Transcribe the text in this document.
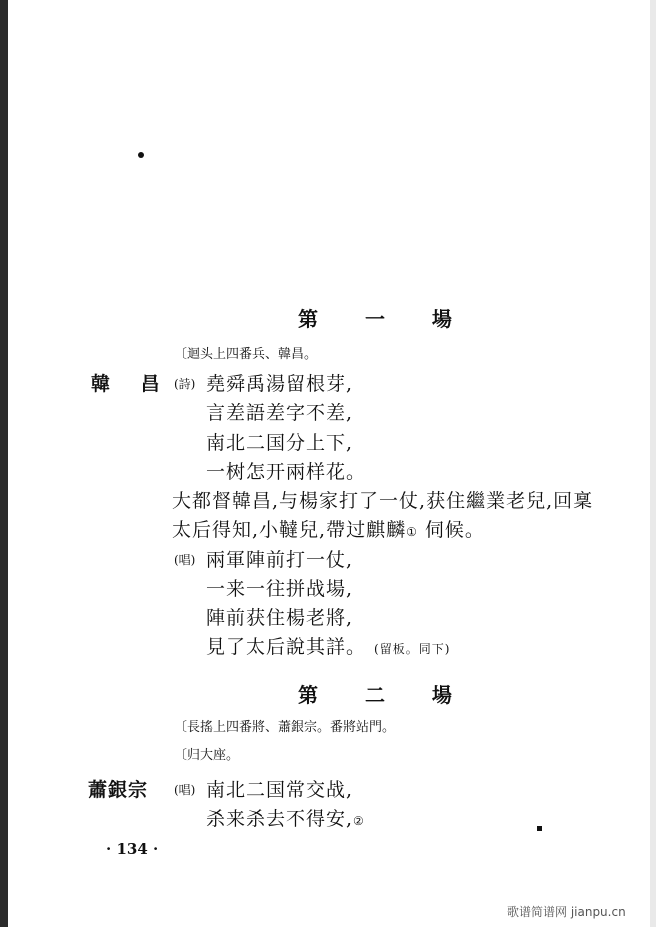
第 一 場
〔迴头上四番兵、韓昌。
韓 昌 (詩) 堯舜禹湯留根芽,
言差語差字不差,
南北二国分上下,
一树怎开兩样花。
大都督韓昌,与楊家打了一仗,获住繼業老兒,回稟
太后得知,小韃兒,帶过麒麟① 伺候。
(唱) 兩軍陣前打一仗,
一来一往拼战場,
陣前获住楊老將,
見了太后說其詳。 (留板。同下)
第 二 場
〔長搖上四番將、蕭銀宗。番將站門。
〔归大座。
蕭銀宗 (唱) 南北二国常交战,
杀来杀去不得安,②
· 134 ·
歌谱简谱网 jianpu.cn
